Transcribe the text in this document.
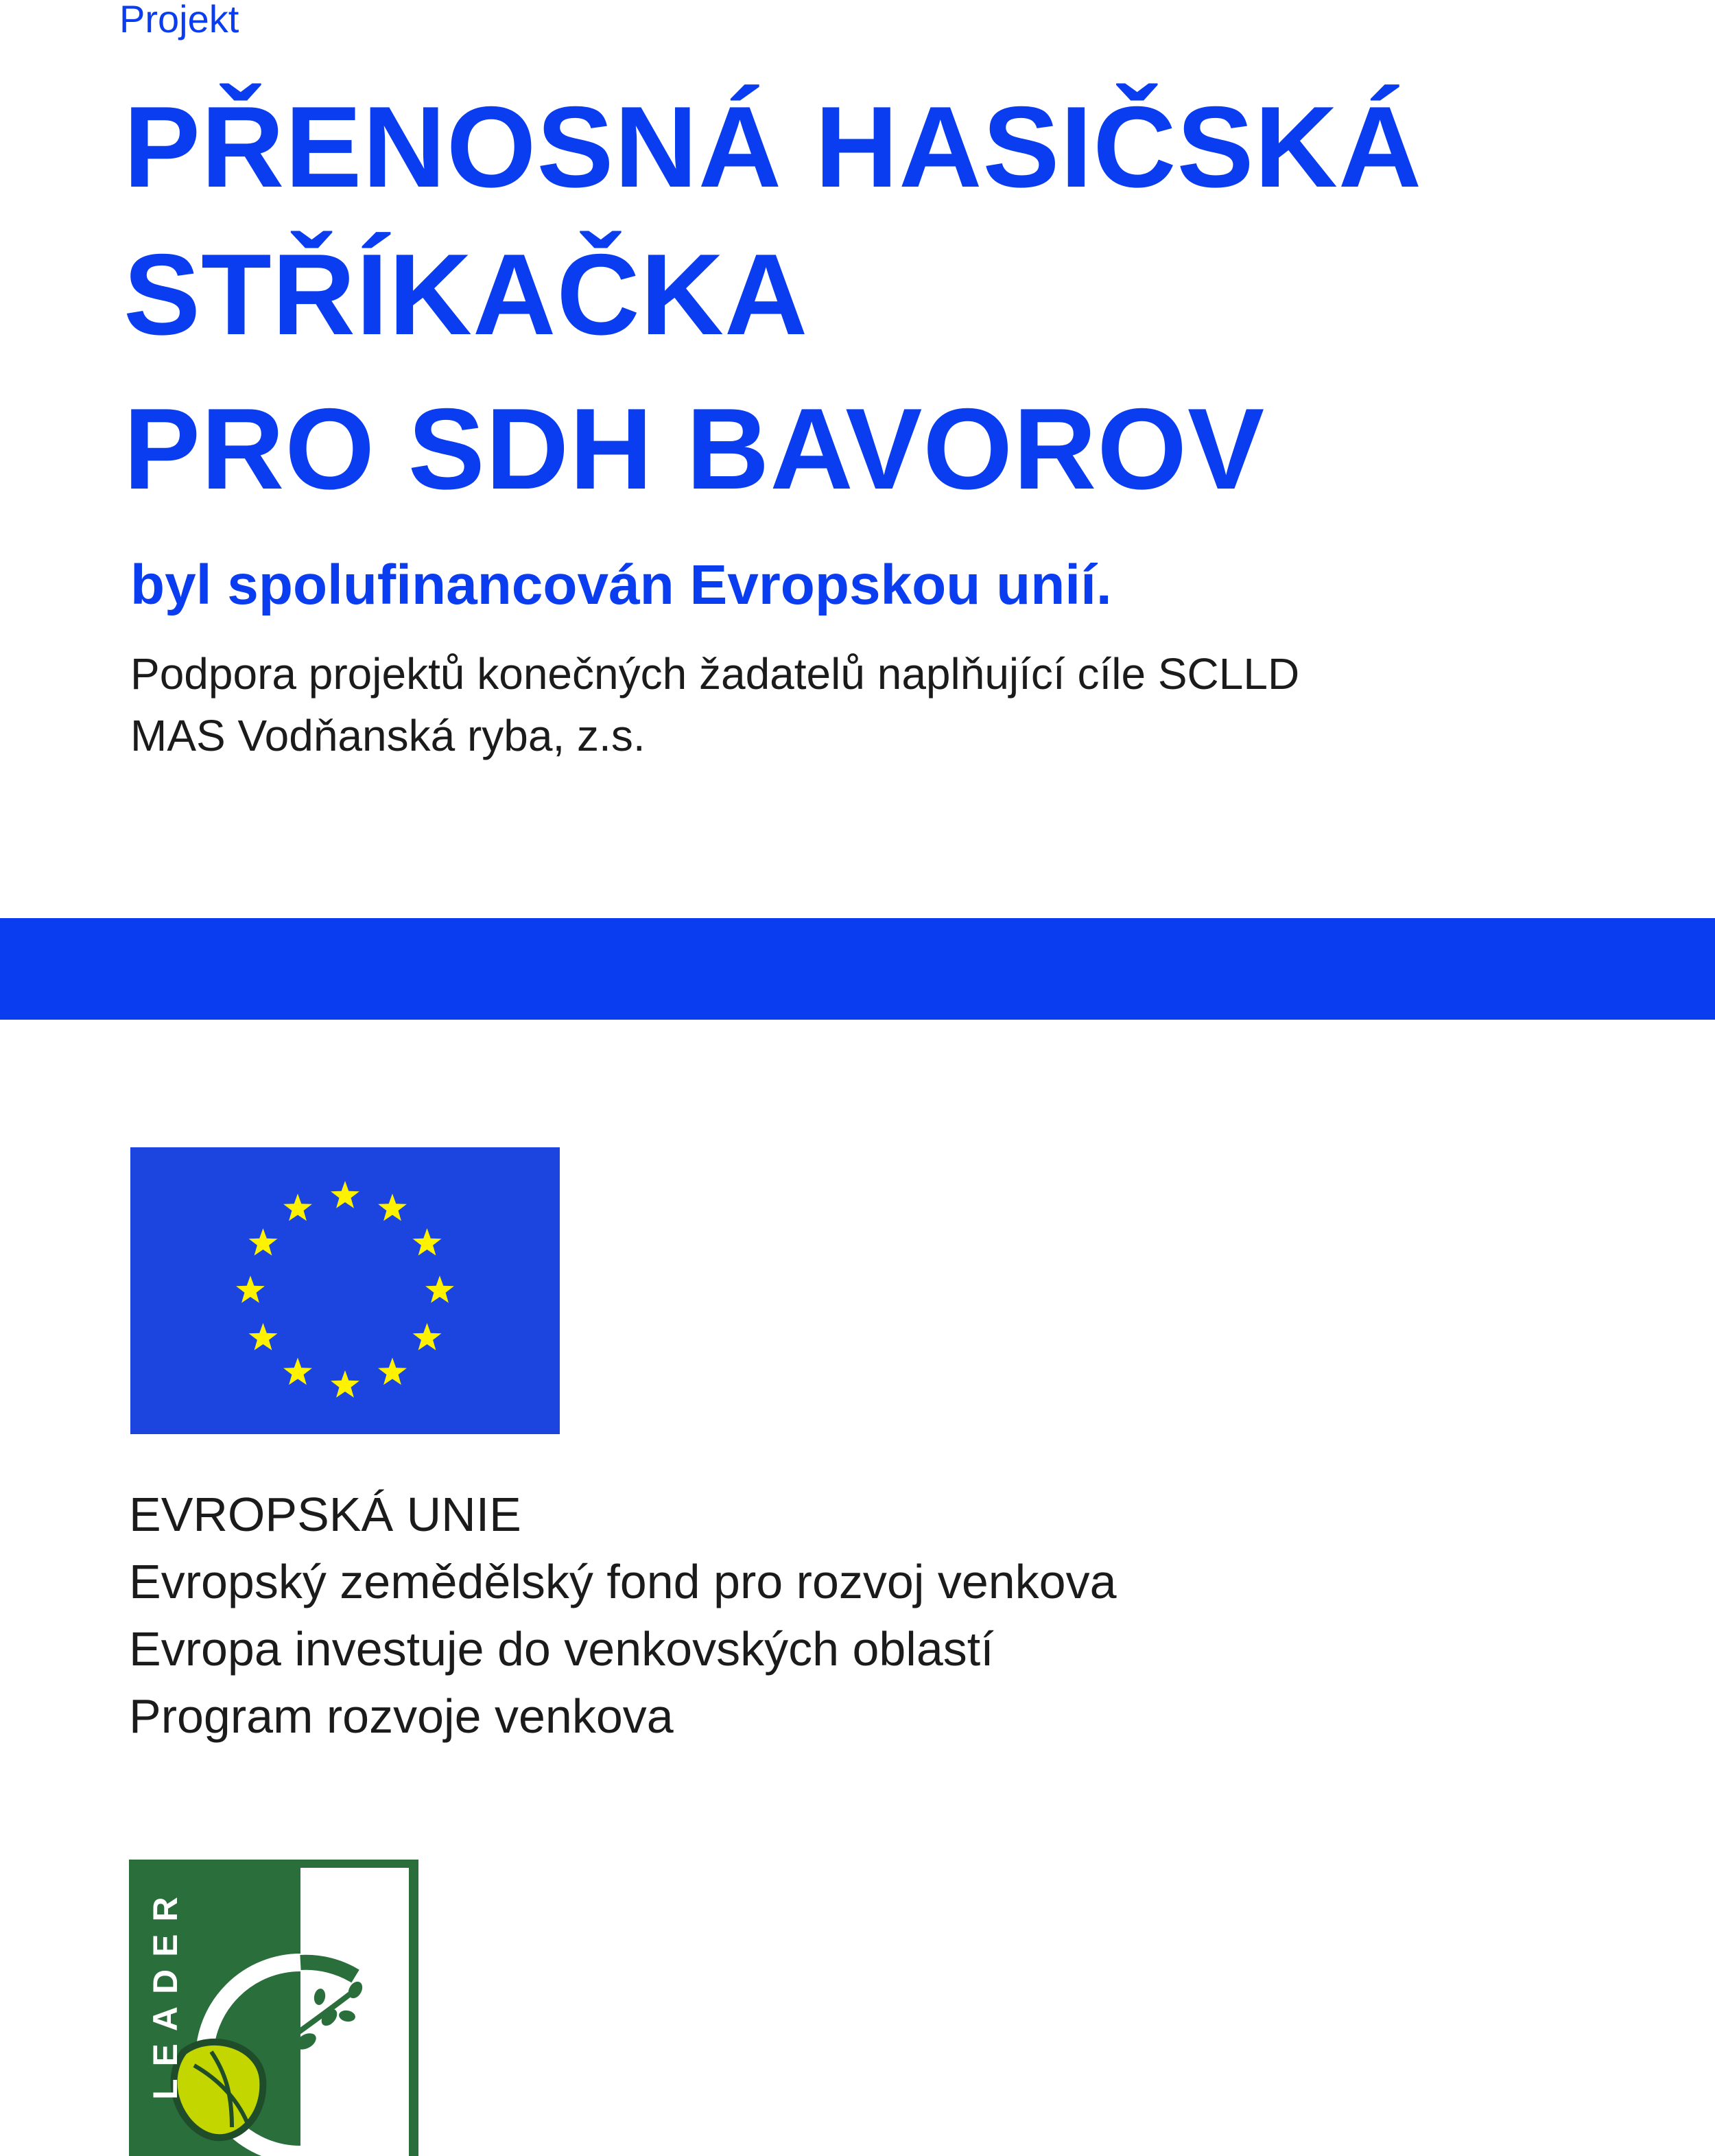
Projekt

PŘENOSNÁ HASIČSKÁ

STŘÍKAČKA

PRO SDH BAVOROV

byl spolufinancován Evropskou unií.

Podpora projektů konečných žadatelů naplňující cíle SCLLD

MAS Vodňanská ryba, z.s.

EVROPSKÁ UNIE

Evropský zemědělský fond pro rozvoj venkova

Evropa investuje do venkovských oblastí

Program rozvoje venkova

LEADER
